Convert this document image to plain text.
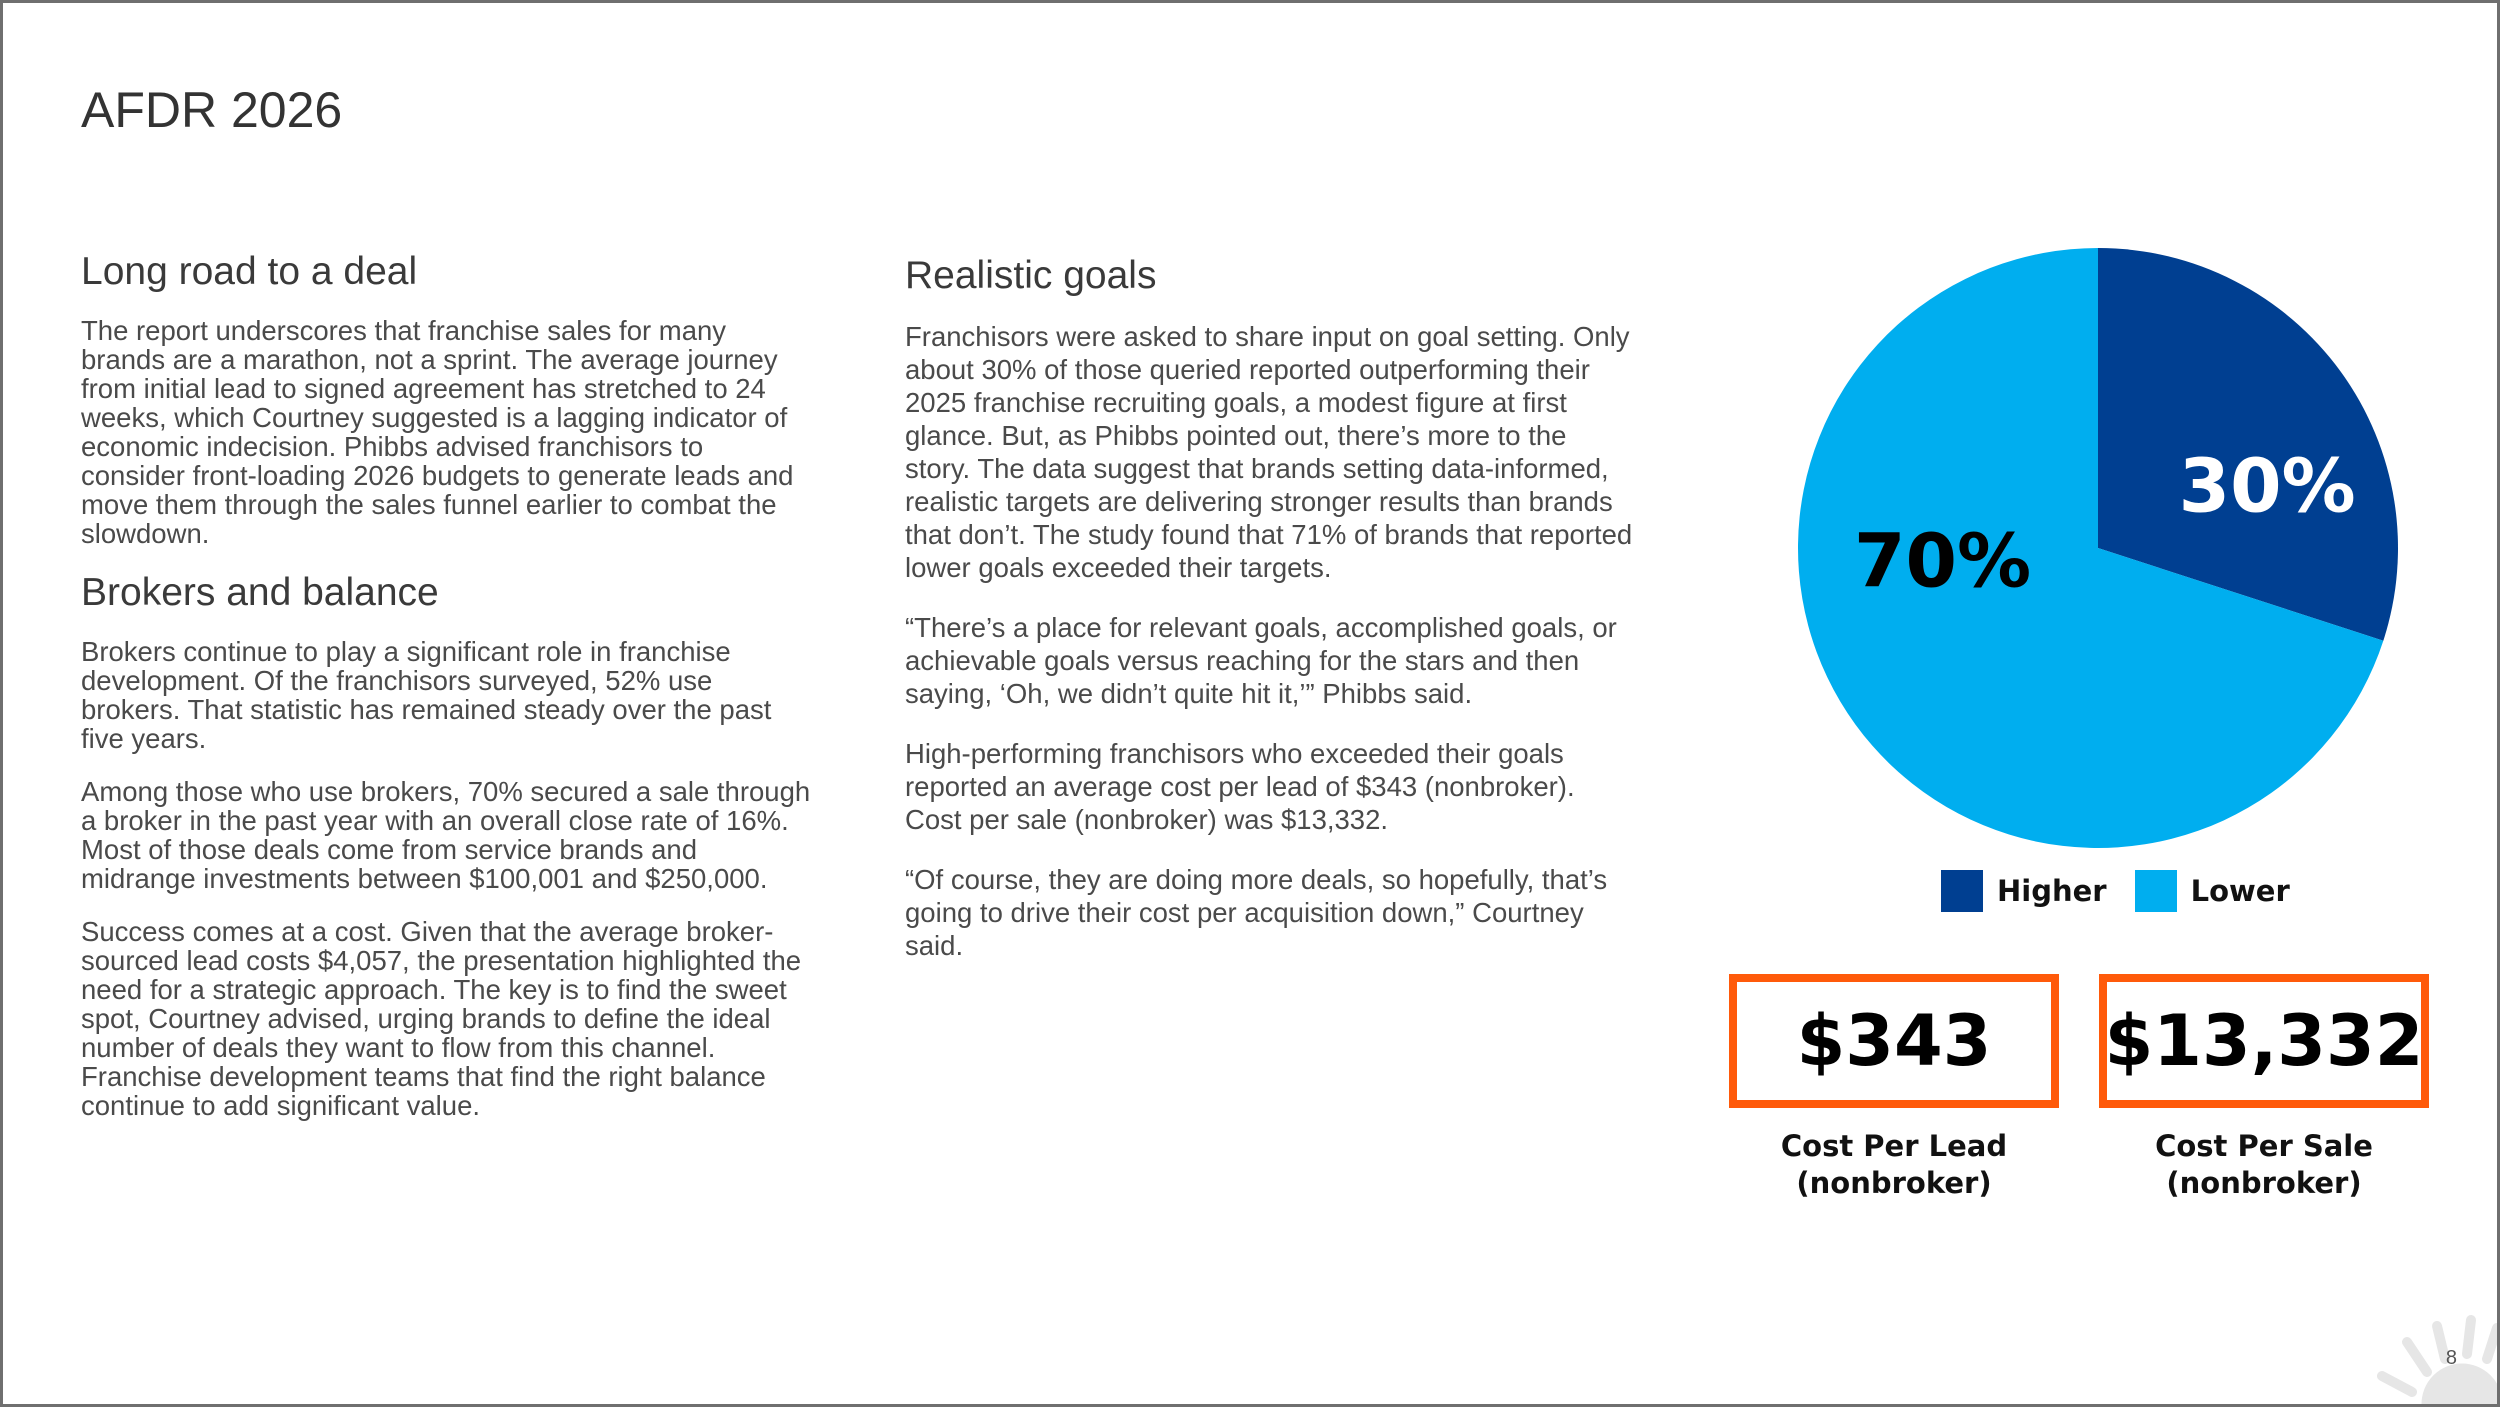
AFDR 2026
Long road to a deal

The report underscores that franchise sales for many brands are a marathon, not a sprint. The average journey from initial lead to signed agreement has stretched to 24 weeks, which Courtney suggested is a lagging indicator of economic indecision. Phibbs advised franchisors to consider front-loading 2026 budgets to generate leads and move them through the sales funnel earlier to combat the slowdown.

Brokers and balance

Brokers continue to play a significant role in franchise development. Of the franchisors surveyed, 52% use brokers. That statistic has remained steady over the past five years.

Among those who use brokers, 70% secured a sale through a broker in the past year with an overall close rate of 16%. Most of those deals come from service brands and midrange investments between $100,001 and $250,000.

Success comes at a cost. Given that the average broker-sourced lead costs $4,057, the presentation highlighted the need for a strategic approach. The key is to find the sweet spot, Courtney advised, urging brands to define the ideal number of deals they want to flow from this channel. Franchise development teams that find the right balance continue to add significant value.

Realistic goals

Franchisors were asked to share input on goal setting. Only about 30% of those queried reported outperforming their 2025 franchise recruiting goals, a modest figure at first glance. But, as Phibbs pointed out, there’s more to the story. The data suggest that brands setting data-informed, realistic targets are delivering stronger results than brands that don’t. The study found that 71% of brands that reported lower goals exceeded their targets.

“There’s a place for relevant goals, accomplished goals, or achievable goals versus reaching for the stars and then saying, ‘Oh, we didn’t quite hit it,’” Phibbs said.

High-performing franchisors who exceeded their goals reported an average cost per lead of $343 (nonbroker). Cost per sale (nonbroker) was $13,332.

“Of course, they are doing more deals, so hopefully, that’s going to drive their cost per acquisition down,” Courtney said.

30%
70%
Higher	Lower
$343	$13,332
Cost Per Lead
(nonbroker)
Cost Per Sale
(nonbroker)
8
